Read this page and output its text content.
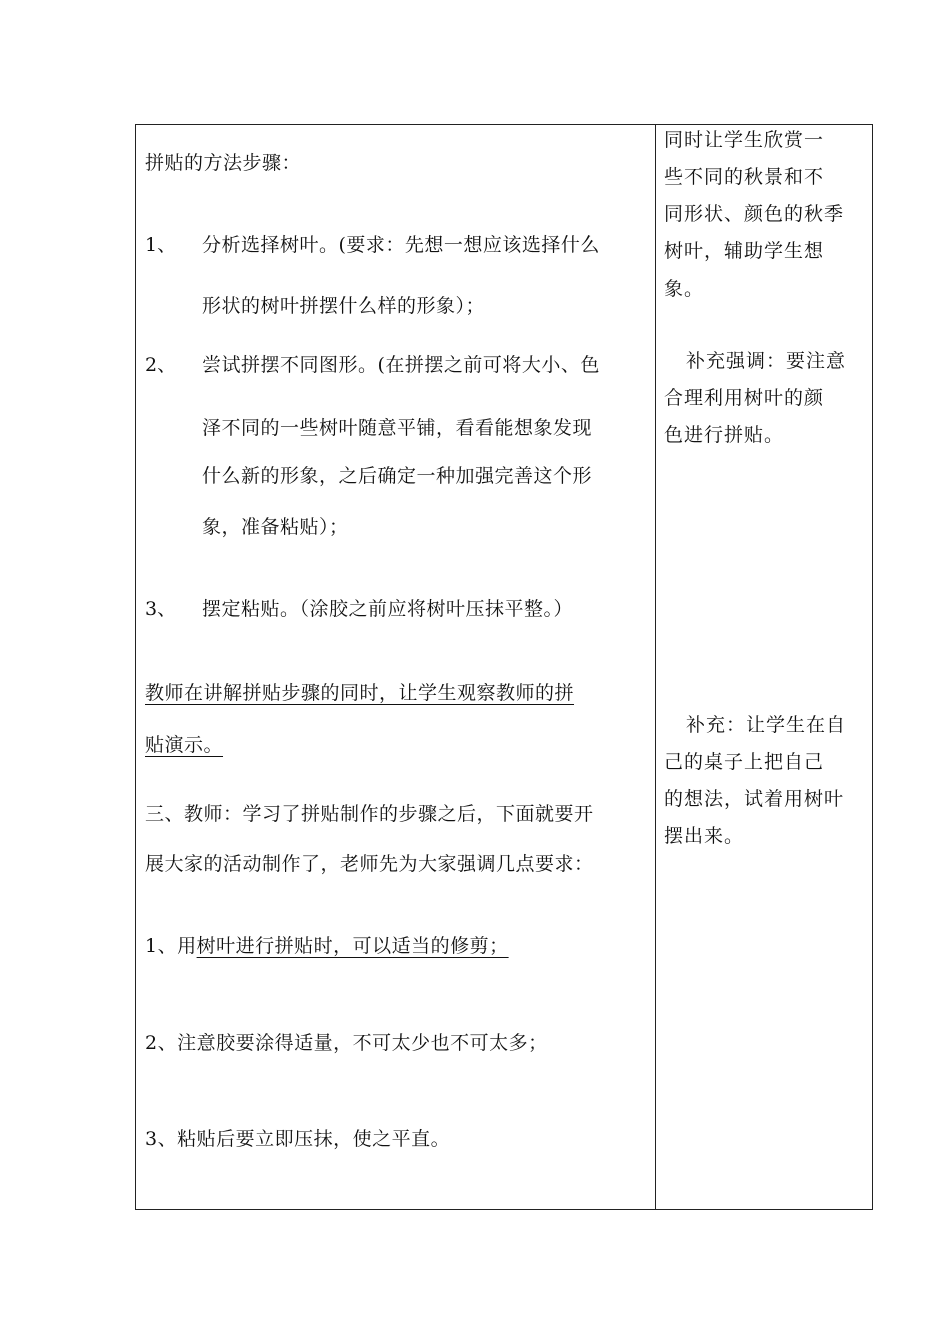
拼贴的方法步骤：
1、 分析选择树叶。(要求：先想一想应该选择什么
形状的树叶拼摆什么样的形象）；
2、 尝试拼摆不同图形。(在拼摆之前可将大小、色
泽不同的一些树叶随意平铺，看看能想象发现
什么新的形象，之后确定一种加强完善这个形
象，准备粘贴）；
3、 摆定粘贴。（涂胶之前应将树叶压抹平整。）
教师在讲解拼贴步骤的同时，让学生观察教师的拼
贴演示。
三、教师：学习了拼贴制作的步骤之后，下面就要开
展大家的活动制作了，老师先为大家强调几点要求：
1、用树叶进行拼贴时，可以适当的修剪；
2、注意胶要涂得适量，不可太少也不可太多；
3、粘贴后要立即压抹，使之平直。
同时让学生欣赏一
些不同的秋景和不
同形状、颜色的秋季
树叶，辅助学生想
象。
补充强调：要注意
合理利用树叶的颜
色进行拼贴。
补充：让学生在自
己的桌子上把自己
的想法，试着用树叶
摆出来。
